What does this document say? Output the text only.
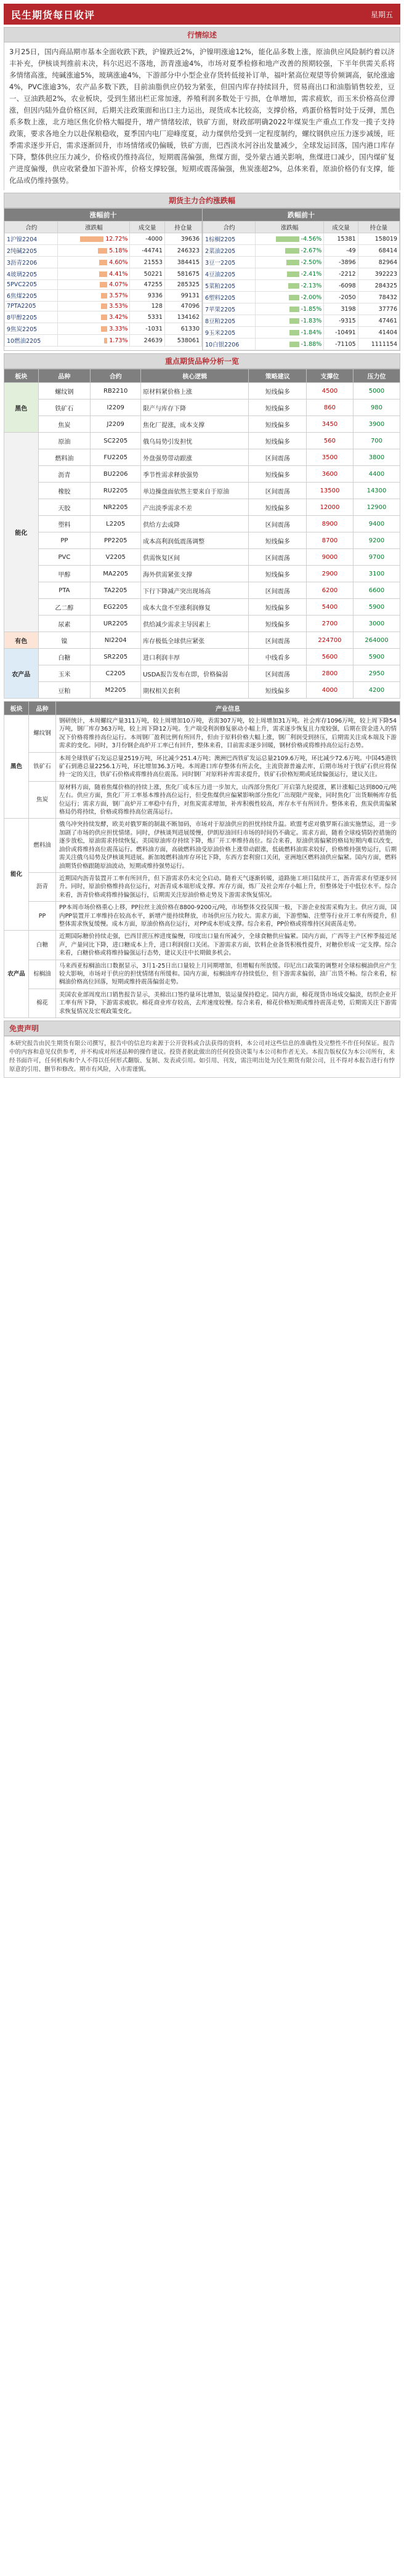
民生期货每日收评	星期五
行情综述
3月25日，国内商品期市基本全面收跌下跌，沪镍跌近2%，沪镍明涨逾12%，能化品多数上涨，原油供应风险制约着以济丰补充，伊核谈判推前未决，科尔迟迟不落地，沥青涨逾4%，市场对夏季检修和地产改善的预期较强，下半年供需关系将多情绪高涨，纯碱涨逾5%，玻璃涨逾4%，下游部分中小型企业存货转低接补订单，福叶紧高位观望等价频调高，氨纶涨逾4%，PVC涨逾3%，农产品多数下跌，目前油脂供应仍较为紧张，但国内库存持续回升，贸易商出口和油脂销售较差，豆一、豆油跌超2%，农业板块，受到生猪出栏正常加速，养殖利润多数处于亏损，仓单增加，需求疲软，而玉米价格高位滞涨，但因内陆外盘价格区间，后期关注政策面和出口主力运出，现货成本比较高，支撑价格，鸡蛋价格暂时处于反弹，黑色系多数上涨，北方地区焦化价格大幅提升，增产情绪较浓，铁矿方面，财政部明确2022年煤炭生产重点工作发一揽子支持政策，要求各地全力以赴保粮稳收，夏季国内电厂迎峰度夏，动力煤供给受到一定程度制约，螺纹钢供应压力逐步减缓，旺季需求逐步开启，需求逐渐回升，市场情绪或仍偏暖，铁矿方面，巴西淡水河谷出发量减少，全球发运回落，国内港口库存下降，整体供应压力减少，价格或仍维持高位，短期震荡偏强，焦煤方面，受外蒙古通关影响，焦煤进口减少，国内煤矿复产进度偏慢，供应收紧叠加下游补库，价格支撑较强，短期或震荡偏强，焦炭涨超2%，总体来看，原油价格仍有支撑，能化品或仍维持强势。
期货主力合约涨跌幅
涨幅前十
合约	涨跌幅	成交量	持仓量
1沪镍2204	12.72%	-4000	39636
2纯碱2205	5.18%	-44741	246323
3沥青2206	4.60%	21553	384415
4玻璃2205	4.41%	50221	581675
5PVC2205	4.07%	47255	285325
6焦煤2205	3.57%	9336	99131
7PTA2205	3.53%	128	47096
8甲醇2205	3.42%	5331	134162
9焦炭2205	3.33%	-1031	61330
10燃油2205	1.73%	24639	538061
跌幅前十
合约	涨跌幅	成交量	持仓量
1棕榈2205	-4.56%	15381	158019
2菜油2205	-2.67%	-49	68414
3豆一2205	-2.50%	-3896	82964
4豆油2205	-2.41%	-2212	392223
5菜粕2205	-2.13%	-6098	284325
6塑料2205	-2.00%	-2050	78432
7苹果2205	-1.85%	3198	37776
8豆粕2205	-1.83%	-9315	47461
9玉米2205	-1.84%	-10491	41404
10白银2206	-1.88%	-71105	1111154
重点期货品种分析一览
板块	品种	合约	核心逻辑	策略建议	支撑位	压力位
黑色	螺纹钢	RB2210	原材料紧价格上涨	短线偏多	4500	5000
	铁矿石	I2209	限产与库存下降	短线偏多	860	980
	焦炭	J2209	焦化厂提涨，成本支撑	短线偏多	3450	3900
能化	原油	SC2205	俄乌局势引发担忧	短线偏多	560	700
	燃料油	FU2205	外盘强势带动跟涨	区间震荡	3500	3800
	沥青	BU2206	季节性需求释放强势	短线偏多	3600	4400
	橡胶	RU2205	单边操盘面依然主要来自于原油	区间震荡	13500	14300
	天胶	NR2205	产出淡季需求不差	短线偏多	12000	12900
	塑料	L2205	供给方去或降	区间震荡	8900	9400
	PP	PP2205	成本高利润低震荡调整	短线偏多	8700	9200
	PVC	V2205	供需恢复区间	区间震荡	9000	9700
	甲醇	MA2205	海外供需紧张支撑	短线偏多	2900	3100
	PTA	TA2205	下行下降减产突出现场高	区间震荡	6200	6600
	乙二醇	EG2205	成本大盘不至涨利润修复	短线偏多	5400	5900
	尿素	UR2205	供给减少需求主导因素上	短线偏多	2700	3000
有色	镍	NI2204	库存极低全球供应紧张	区间震荡	224700	264000
农产品	白糖	SR2205	进口利润丰厚	中线看多	5600	5900
	玉米	C2205	USDA报告发布在即，价格偏弱	区间震荡	2800	2950
	豆粕	M2205	期权相关套利	短线偏多	4000	4200
板块	品种	产业信息
黑色	螺纹钢	钢研统计，本周螺纹产量311万吨，较上周增加10万吨，表需307万吨，较上周增加31万吨。社会库存1096万吨，较上周下降54万吨，钢厂库存363万吨，较上周下降12万吨。生产端受利润修复驱动小幅上升，需求逐步恢复且力度较强，后期在资金进入的情况下价格将维持高位运行。本周钢厂盈利比例有所回升，但由于原料价格大幅上涨，钢厂利润受到挤压，后期需关注成本端及下游需求的变化。同时，3月份钢企高炉开工率已有回升，整体来看，目前需求逐步回暖，钢材价格或将维持高位运行态势。
	铁矿石	本周全球铁矿石发运总量2519万吨，环比减少251.4万吨；澳洲巴西铁矿发运总量2109.6万吨，环比减少72.6万吨。中国45港铁矿石到港总量2256.1万吨，环比增加36.3万吨。本周港口库存整体有所去化，主流资源普遍去库，后期市场对于铁矿石供应将保持一定的关注，铁矿石价格或将维持高位震荡。同时钢厂对原料补库需求提升，铁矿石价格短期或延续偏强运行，建议关注。
	焦炭	原材料方面，随着焦煤价格的持续上涨，焦化厂成本压力进一步加大，山西部分焦化厂开启第九轮提涨，累计涨幅已达到800元/吨左右。供应方面，焦化厂开工率基本维持高位运行，但受焦煤供应偏紧影响部分焦化厂出现限产现象，同时焦化厂出货顺畅库存低位运行；需求方面，钢厂高炉开工率稳中有升，对焦炭需求增加，补库积极性较高，库存水平有所回升。整体来看，焦炭供需偏紧格局仍将持续，价格或将维持高位震荡运行。
能化	燃料油	俄乌冲突持续发酵，欧美对俄罗斯的制裁不断加码，市场对于原油供应的担忧持续升温。欧盟考虑对俄罗斯石油实施禁运，进一步加剧了市场的供应担忧情绪。同时，伊核谈判进展缓慢，伊朗原油回归市场的时间仍不确定。需求方面，随着全球疫情防控措施的逐步放松，原油需求持续恢复。美国原油库存持续下降，炼厂开工率维持高位。综合来看，原油供需偏紧的格局短期内难以改变，油价或将维持高位震荡运行。燃料油方面，高硫燃料油受原油价格上涨带动跟涨，低硫燃料油需求较好，价格维持强势运行，后期需关注俄乌局势及伊核谈判进展。新加坡燃料油库存环比下降，东西方套利窗口关闭，亚洲地区燃料油供应偏紧。国内方面，燃料油期货价格跟随原油波动，短期或维持强势运行。
	沥青	近期国内沥青装置开工率有所回升，但下游需求仍未完全启动。随着天气逐渐转暖，道路施工项目陆续开工，沥青需求有望逐步回升。同时，原油价格维持高位运行，对沥青成本端形成支撑。库存方面，炼厂及社会库存小幅上升，但整体处于中低位水平。综合来看，沥青价格或将维持偏强运行，后期需关注原油价格走势及下游需求恢复情况。
	PP	PP本周市场价格重心上移，PP拉丝主流价格在8800-9200元/吨，市场整体交投氛围一般，下游企业按需采购为主。供应方面，国内PP装置开工率维持在较高水平，新增产能持续释放，市场供应压力较大。需求方面，下游塑编、注塑等行业开工率有所提升，但整体需求恢复缓慢。成本方面，原油价格高位运行，对PP成本形成支撑。综合来看，PP价格或将维持区间震荡走势。
农产品	白糖	近期国际糖价持续走强，巴西甘蔗压榨进度偏慢，印度出口量有所减少，全球食糖供应偏紧。国内方面，广西等主产区榨季接近尾声，产量同比下降，进口糖成本上升，进口利润窗口关闭。下游需求方面，饮料企业备货积极性提升，对糖价形成一定支撑。综合来看，白糖价格或将维持偏强运行态势，建议关注中长期做多机会。
	棕榈油	马来西亚棕榈油出口数据显示，3月1-25日出口量较上月同期增加，但增幅有所放缓。印尼出口政策的调整对全球棕榈油供应产生较大影响，市场对于供应的担忧情绪有所缓和。国内方面，棕榈油库存持续低位，但下游需求偏弱，油厂出货不畅。综合来看，棕榈油价格高位回落，短期或维持震荡偏弱走势。
	棉花	美国农业部周度出口销售报告显示，美棉出口签约量环比增加，装运量保持稳定。国内方面，棉花现货市场成交偏淡，纺织企业开工率有所下降，下游需求疲软。棉花商业库存较高，去库速度较慢。综合来看，棉花价格短期或维持震荡走势，后期需关注下游需求恢复情况及宏观政策变化。
免责声明
本研究报告由民生期货有限公司撰写，报告中的信息均来源于公开资料或合法获得的资料，本公司对这些信息的准确性及完整性不作任何保证。报告中的内容和意见仅供参考，并不构成对所述品种的操作建议。投资者据此做出的任何投资决策与本公司和作者无关。本报告版权仅为本公司所有，未经书面许可，任何机构和个人不得以任何形式翻版、复制、发表或引用。如引用、刊发，需注明出处为民生期货有限公司，且不得对本报告进行有悖原意的引用、删节和修改。期市有风险，入市需谨慎。
